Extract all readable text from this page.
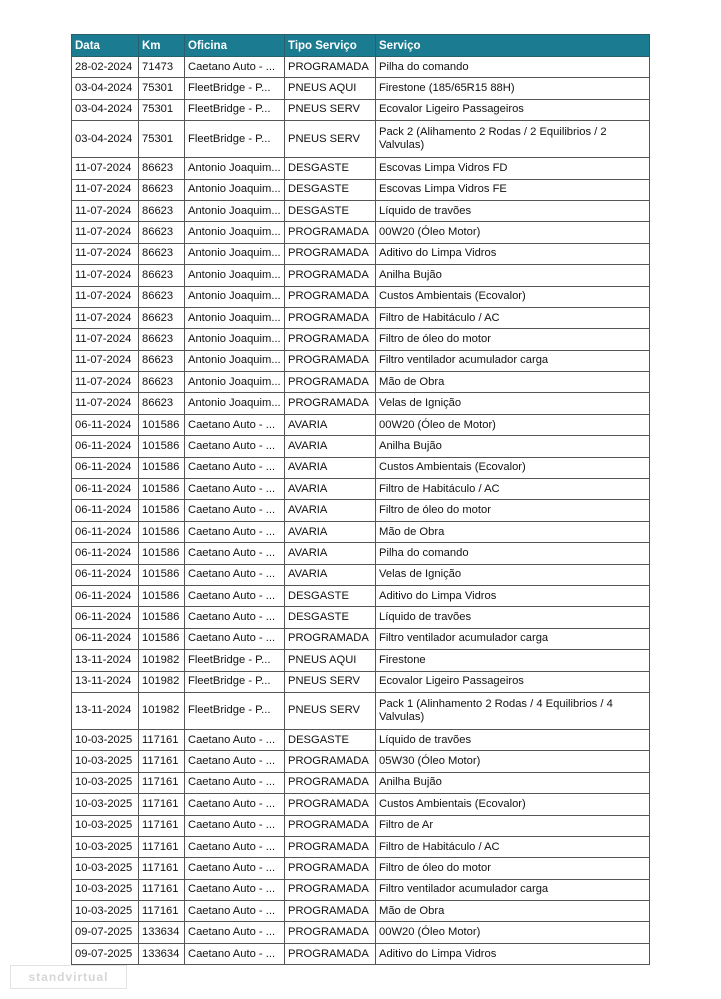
Data	Km	Oficina	Tipo Serviço	Serviço
28-02-2024	71473	Caetano Auto - ...	PROGRAMADA	Pilha do comando
03-04-2024	75301	FleetBridge - P...	PNEUS AQUI	Firestone (185/65R15 88H)
03-04-2024	75301	FleetBridge - P...	PNEUS SERV	Ecovalor Ligeiro Passageiros
03-04-2024	75301	FleetBridge - P...	PNEUS SERV	Pack 2 (Alihamento 2 Rodas / 2 Equilibrios / 2 Valvulas)
11-07-2024	86623	Antonio Joaquim...	DESGASTE	Escovas Limpa Vidros FD
11-07-2024	86623	Antonio Joaquim...	DESGASTE	Escovas Limpa Vidros FE
11-07-2024	86623	Antonio Joaquim...	DESGASTE	Líquido de travões
11-07-2024	86623	Antonio Joaquim...	PROGRAMADA	00W20 (Óleo Motor)
11-07-2024	86623	Antonio Joaquim...	PROGRAMADA	Aditivo do Limpa Vidros
11-07-2024	86623	Antonio Joaquim...	PROGRAMADA	Anilha Bujão
11-07-2024	86623	Antonio Joaquim...	PROGRAMADA	Custos Ambientais (Ecovalor)
11-07-2024	86623	Antonio Joaquim...	PROGRAMADA	Filtro de Habitáculo / AC
11-07-2024	86623	Antonio Joaquim...	PROGRAMADA	Filtro de óleo do motor
11-07-2024	86623	Antonio Joaquim...	PROGRAMADA	Filtro ventilador acumulador carga
11-07-2024	86623	Antonio Joaquim...	PROGRAMADA	Mão de Obra
11-07-2024	86623	Antonio Joaquim...	PROGRAMADA	Velas de Ignição
06-11-2024	101586	Caetano Auto - ...	AVARIA	00W20 (Óleo de Motor)
06-11-2024	101586	Caetano Auto - ...	AVARIA	Anilha Bujão
06-11-2024	101586	Caetano Auto - ...	AVARIA	Custos Ambientais (Ecovalor)
06-11-2024	101586	Caetano Auto - ...	AVARIA	Filtro de Habitáculo / AC
06-11-2024	101586	Caetano Auto - ...	AVARIA	Filtro de óleo do motor
06-11-2024	101586	Caetano Auto - ...	AVARIA	Mão de Obra
06-11-2024	101586	Caetano Auto - ...	AVARIA	Pilha do comando
06-11-2024	101586	Caetano Auto - ...	AVARIA	Velas de Ignição
06-11-2024	101586	Caetano Auto - ...	DESGASTE	Aditivo do Limpa Vidros
06-11-2024	101586	Caetano Auto - ...	DESGASTE	Líquido de travões
06-11-2024	101586	Caetano Auto - ...	PROGRAMADA	Filtro ventilador acumulador carga
13-11-2024	101982	FleetBridge - P...	PNEUS AQUI	Firestone
13-11-2024	101982	FleetBridge - P...	PNEUS SERV	Ecovalor Ligeiro Passageiros
13-11-2024	101982	FleetBridge - P...	PNEUS SERV	Pack 1 (Alinhamento 2 Rodas / 4 Equilibrios / 4 Valvulas)
10-03-2025	117161	Caetano Auto - ...	DESGASTE	Líquido de travões
10-03-2025	117161	Caetano Auto - ...	PROGRAMADA	05W30 (Óleo Motor)
10-03-2025	117161	Caetano Auto - ...	PROGRAMADA	Anilha Bujão
10-03-2025	117161	Caetano Auto - ...	PROGRAMADA	Custos Ambientais (Ecovalor)
10-03-2025	117161	Caetano Auto - ...	PROGRAMADA	Filtro de Ar
10-03-2025	117161	Caetano Auto - ...	PROGRAMADA	Filtro de Habitáculo / AC
10-03-2025	117161	Caetano Auto - ...	PROGRAMADA	Filtro de óleo do motor
10-03-2025	117161	Caetano Auto - ...	PROGRAMADA	Filtro ventilador acumulador carga
10-03-2025	117161	Caetano Auto - ...	PROGRAMADA	Mão de Obra
09-07-2025	133634	Caetano Auto - ...	PROGRAMADA	00W20 (Óleo Motor)
09-07-2025	133634	Caetano Auto - ...	PROGRAMADA	Aditivo do Limpa Vidros
standvirtual
